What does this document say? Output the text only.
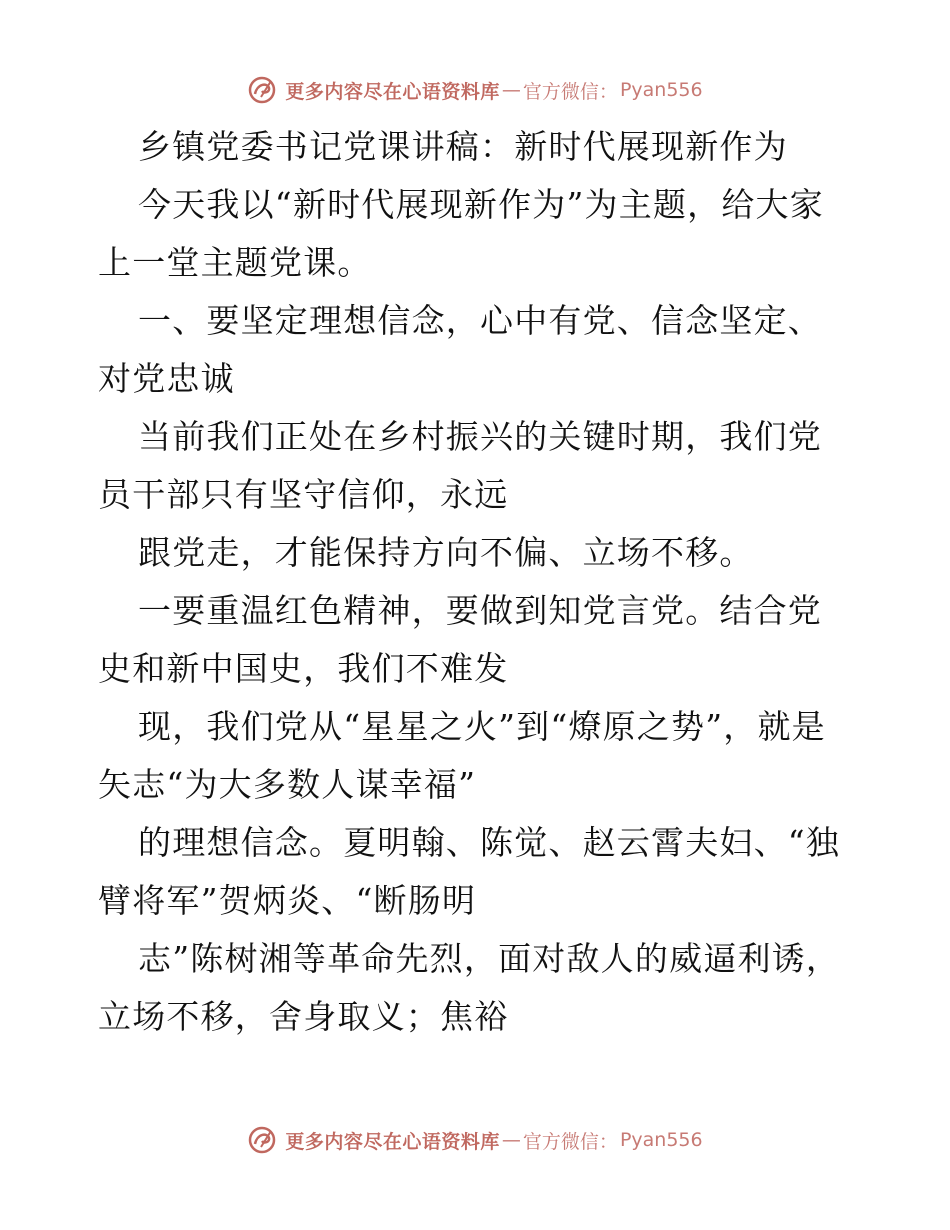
更多内容尽在心语资料库 — 官方微信： Pyan556

乡镇党委书记党课讲稿：新时代展现新作为

今天我以“新时代展现新作为”为主题，给大家上一堂主题党课。

一、要坚定理想信念，心中有党、信念坚定、对党忠诚

当前我们正处在乡村振兴的关键时期，我们党员干部只有坚守信仰，永远

跟党走，才能保持方向不偏、立场不移。

一要重温红色精神，要做到知党言党。结合党史和新中国史，我们不难发

现，我们党从“星星之火”到“燎原之势”，就是矢志“为大多数人谋幸福”

的理想信念。夏明翰、陈觉、赵云霄夫妇、“独臂将军”贺炳炎、“断肠明

志”陈树湘等革命先烈，面对敌人的威逼利诱，立场不移，舍身取义；焦裕

更多内容尽在心语资料库 — 官方微信： Pyan556
